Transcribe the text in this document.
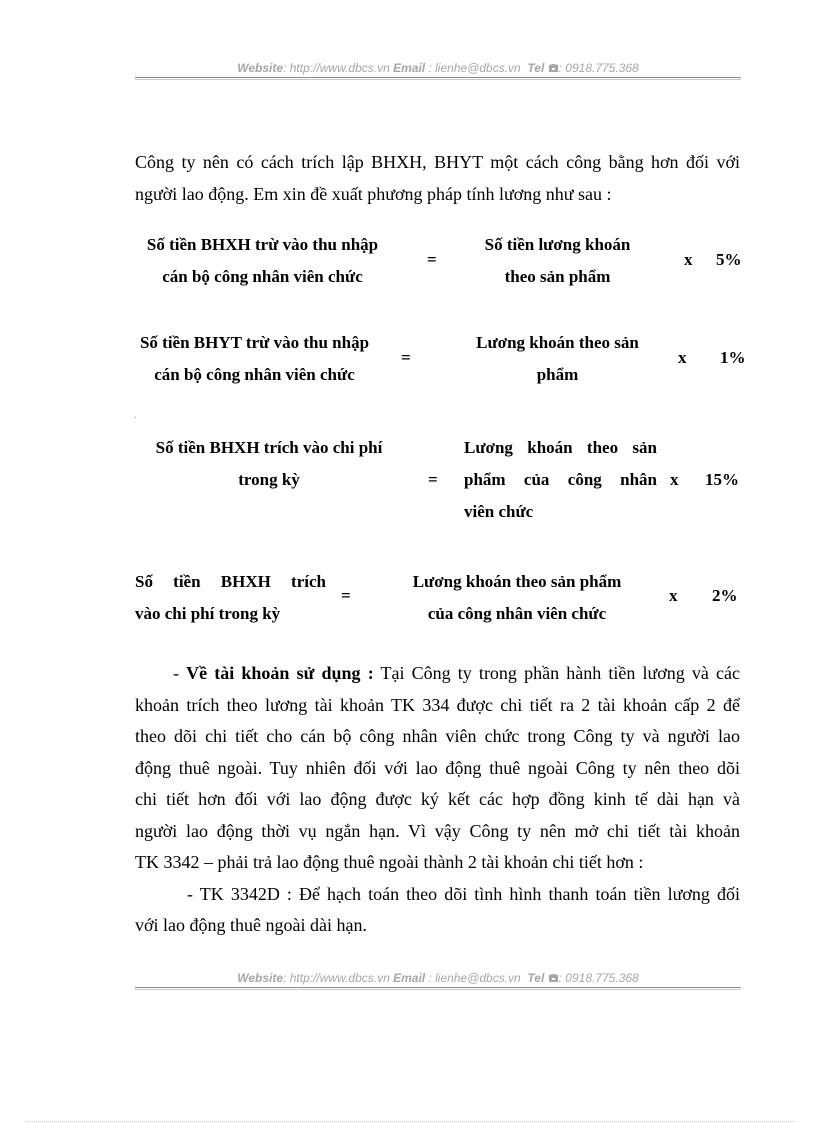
Website: http://www.dbcs.vn Email : lienhe@dbcs.vn Tel : 0918.775.368
Công ty nên có cách trích lập BHXH, BHYT một cách công bằng hơn đối với
người lao động. Em xin đề xuất phương pháp tính lương như sau :
Số tiền BHXH trừ vào thu nhập
cán bộ công nhân viên chức
=
Số tiền lương khoán
theo sản phẩm
x 5%
Số tiền BHYT trừ vào thu nhập
cán bộ công nhân viên chức
=
Lương khoán theo sản
phẩm
x 1%
.
Số tiền BHXH trích vào chi phí
trong kỳ	=
Lương khoán theo sản
phẩm của công nhân
viên chức
x 15%
Số tiền BHXH trích
vào chi phí trong kỳ
=
Lương khoán theo sản phẩm
của công nhân viên chức
x 2%
- Về tài khoản sử dụng : Tại Công ty trong phần hành tiền lương và các
khoản trích theo lương tài khoản TK 334 được chi tiết ra 2 tài khoản cấp 2 để
theo dõi chi tiết cho cán bộ công nhân viên chức trong Công ty và người lao
động thuê ngoài. Tuy nhiên đối với lao động thuê ngoài Công ty nên theo dõi
chi tiết hơn đối với lao động được ký kết các hợp đồng kinh tế dài hạn và
người lao động thời vụ ngắn hạn. Vì vậy Công ty nên mở chi tiết tài khoản
TK 3342 – phải trả lao động thuê ngoài thành 2 tài khoản chi tiết hơn :
- TK 3342D : Để hạch toán theo dõi tình hình thanh toán tiền lương đối
với lao động thuê ngoài dài hạn.
Website: http://www.dbcs.vn Email : lienhe@dbcs.vn Tel : 0918.775.368
